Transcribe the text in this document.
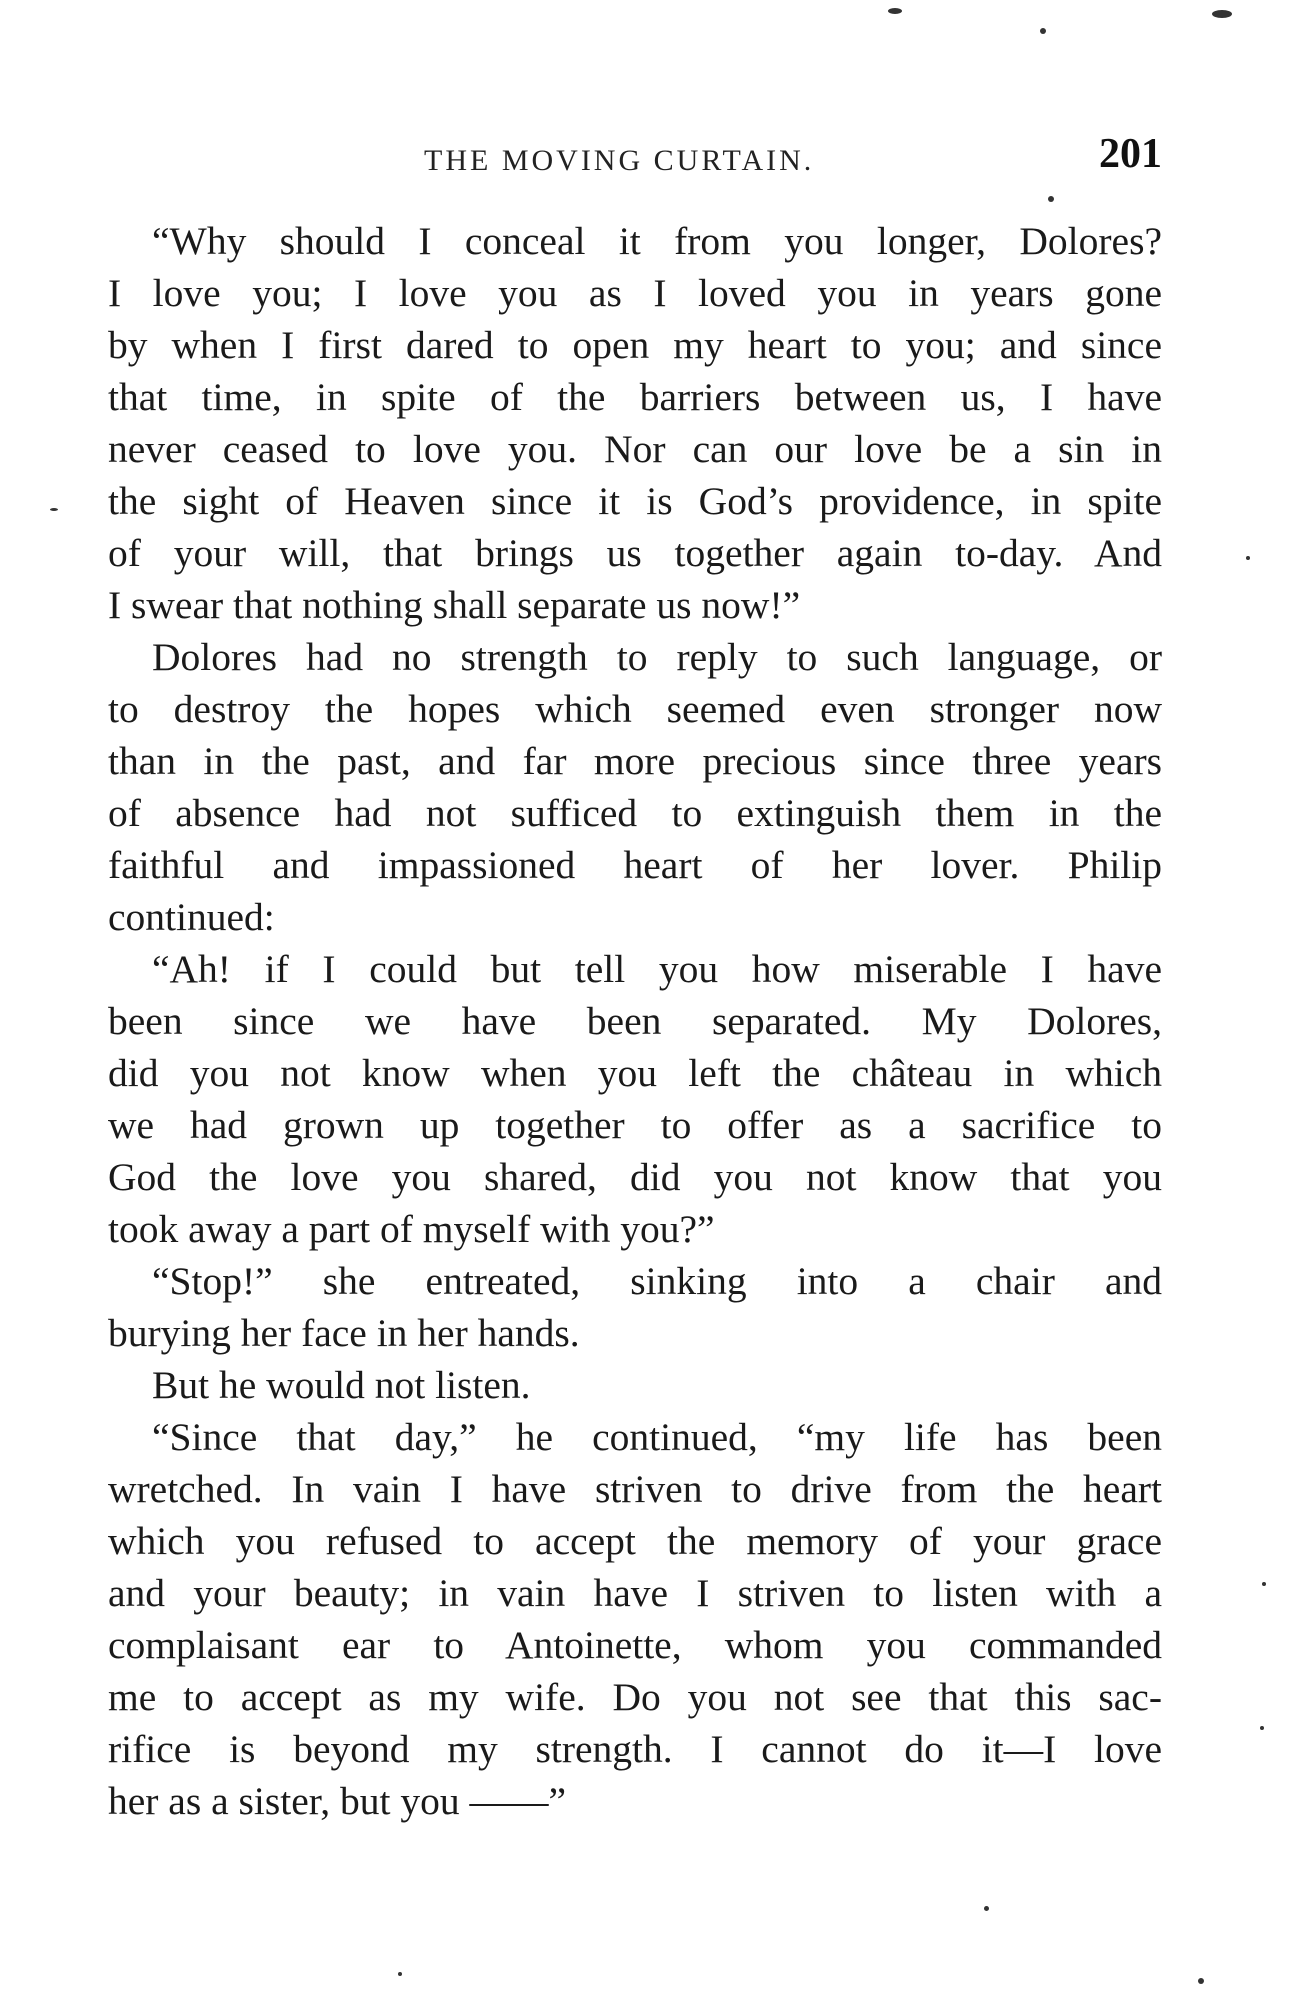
THE MOVING CURTAIN.	201
“Why should I conceal it from you longer, Dolores?
I love you; I love you as I loved you in years gone
by when I first dared to open my heart to you; and since
that time, in spite of the barriers between us, I have
never ceased to love you. Nor can our love be a sin in
the sight of Heaven since it is God’s providence, in spite
of your will, that brings us together again to-day. And
I swear that nothing shall separate us now!”
Dolores had no strength to reply to such language, or
to destroy the hopes which seemed even stronger now
than in the past, and far more precious since three years
of absence had not sufficed to extinguish them in the
faithful and impassioned heart of her lover. Philip
continued:
“Ah! if I could but tell you how miserable I have
been since we have been separated. My Dolores,
did you not know when you left the château in which
we had grown up together to offer as a sacrifice to
God the love you shared, did you not know that you
took away a part of myself with you?”
“Stop!” she entreated, sinking into a chair and
burying her face in her hands.
But he would not listen.
“Since that day,” he continued, “my life has been
wretched. In vain I have striven to drive from the heart
which you refused to accept the memory of your grace
and your beauty; in vain have I striven to listen with a
complaisant ear to Antoinette, whom you commanded
me to accept as my wife. Do you not see that this sac-
rifice is beyond my strength. I cannot do it—I love
her as a sister, but you ——”
